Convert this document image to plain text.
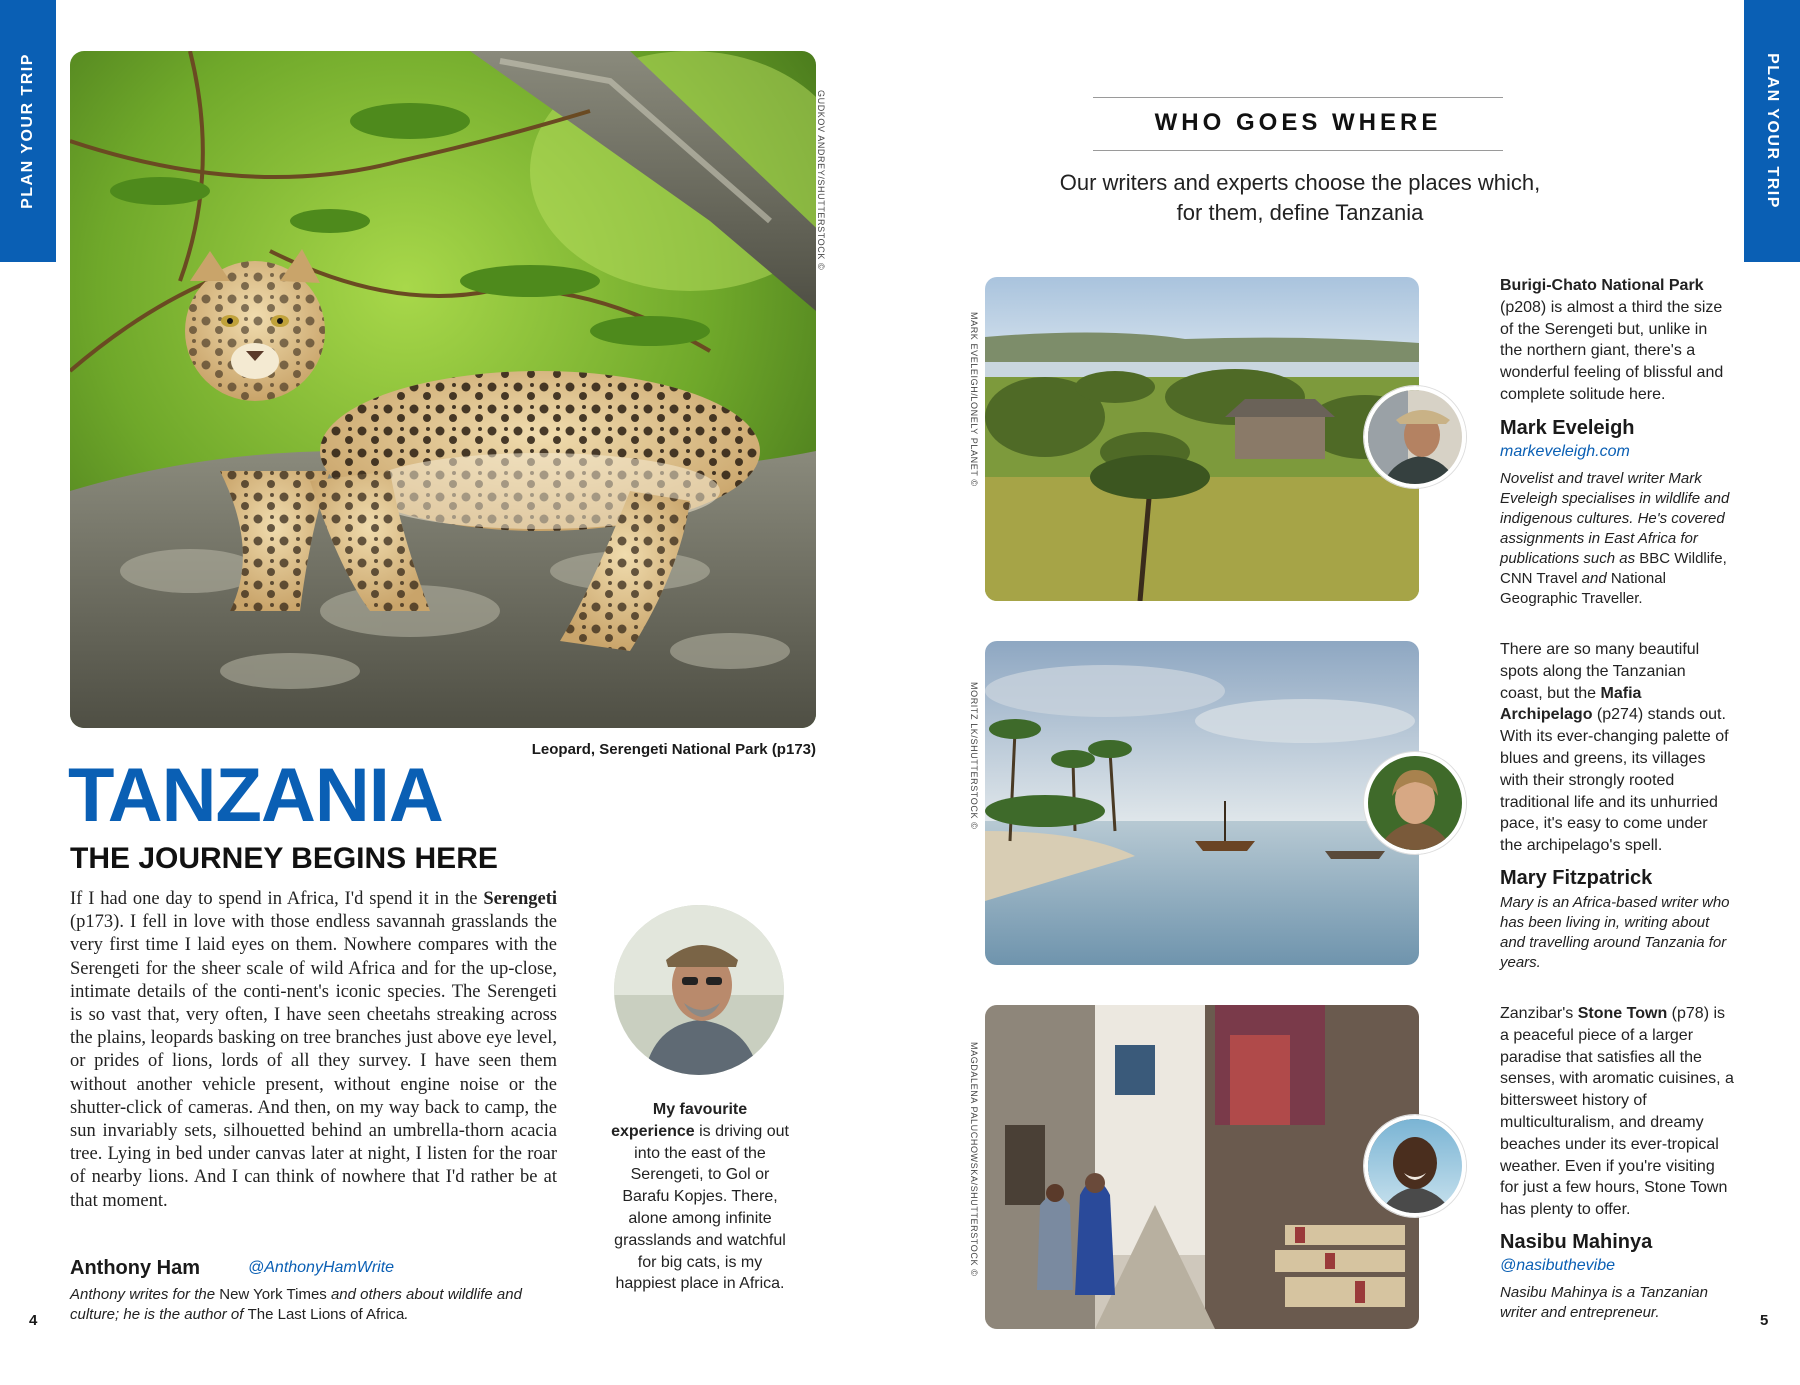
PLAN YOUR TRIP	PLAN YOUR TRIP
4	5
GUDKOV ANDREY/SHUTTERSTOCK ©
Leopard, Serengeti National Park (p173)
TANZANIA
THE JOURNEY BEGINS HERE
If I had one day to spend in Africa, I'd spend it in the Serengeti (p173). I fell in love with those endless savannah grasslands the very first time I laid eyes on them. Nowhere compares with the Serengeti for the sheer scale of wild Africa and for the up-close, intimate details of the conti-nent's iconic species. The Serengeti is so vast that, very often, I have seen cheetahs streaking across the plains, leopards basking on tree branches just above eye level, or prides of lions, lords of all they survey. I have seen them without another vehicle present, without engine noise or the shutter-click of cameras. And then, on my way back to camp, the sun invariably sets, silhouetted behind an umbrella-thorn acacia tree. Lying in bed under canvas later at night, I listen for the roar of nearby lions. And I can think of nowhere that I'd rather be at that moment.
Anthony Ham	@AnthonyHamWrite
Anthony writes for the New York Times and others about wildlife and culture; he is the author of The Last Lions of Africa.
My favourite experience is driving out into the east of the Serengeti, to Gol or Barafu Kopjes. There, alone among infinite grasslands and watchful for big cats, is my happiest place in Africa.
WHO GOES WHERE
Our writers and experts choose the places which,
for them, define Tanzania
MARK EVELEIGH/LONELY PLANET ©
Burigi-Chato National Park (p208) is almost a third the size of the Serengeti but, unlike in the northern giant, there's a wonderful feeling of blissful and complete solitude here.
Mark Eveleigh
markeveleigh.com
Novelist and travel writer Mark Eveleigh specialises in wildlife and indigenous cultures. He's covered assignments in East Africa for publications such as BBC Wildlife, CNN Travel and National Geographic Traveller.
MORITZ LK/SHUTTERSTOCK ©
There are so many beautiful spots along the Tanzanian coast, but the Mafia Archipelago (p274) stands out. With its ever-changing palette of blues and greens, its villages with their strongly rooted traditional life and its unhurried pace, it's easy to come under the archipelago's spell.
Mary Fitzpatrick
Mary is an Africa-based writer who has been living in, writing about and travelling around Tanzania for years.
MAGDALENA PALUCHOWSKA/SHUTTERSTOCK ©
Zanzibar's Stone Town (p78) is a peaceful piece of a larger paradise that satisfies all the senses, with aromatic cuisines, a bittersweet history of multiculturalism, and dreamy beaches under its ever-tropical weather. Even if you're visiting for just a few hours, Stone Town has plenty to offer.
Nasibu Mahinya
@nasibuthevibe
Nasibu Mahinya is a Tanzanian writer and entrepreneur.
